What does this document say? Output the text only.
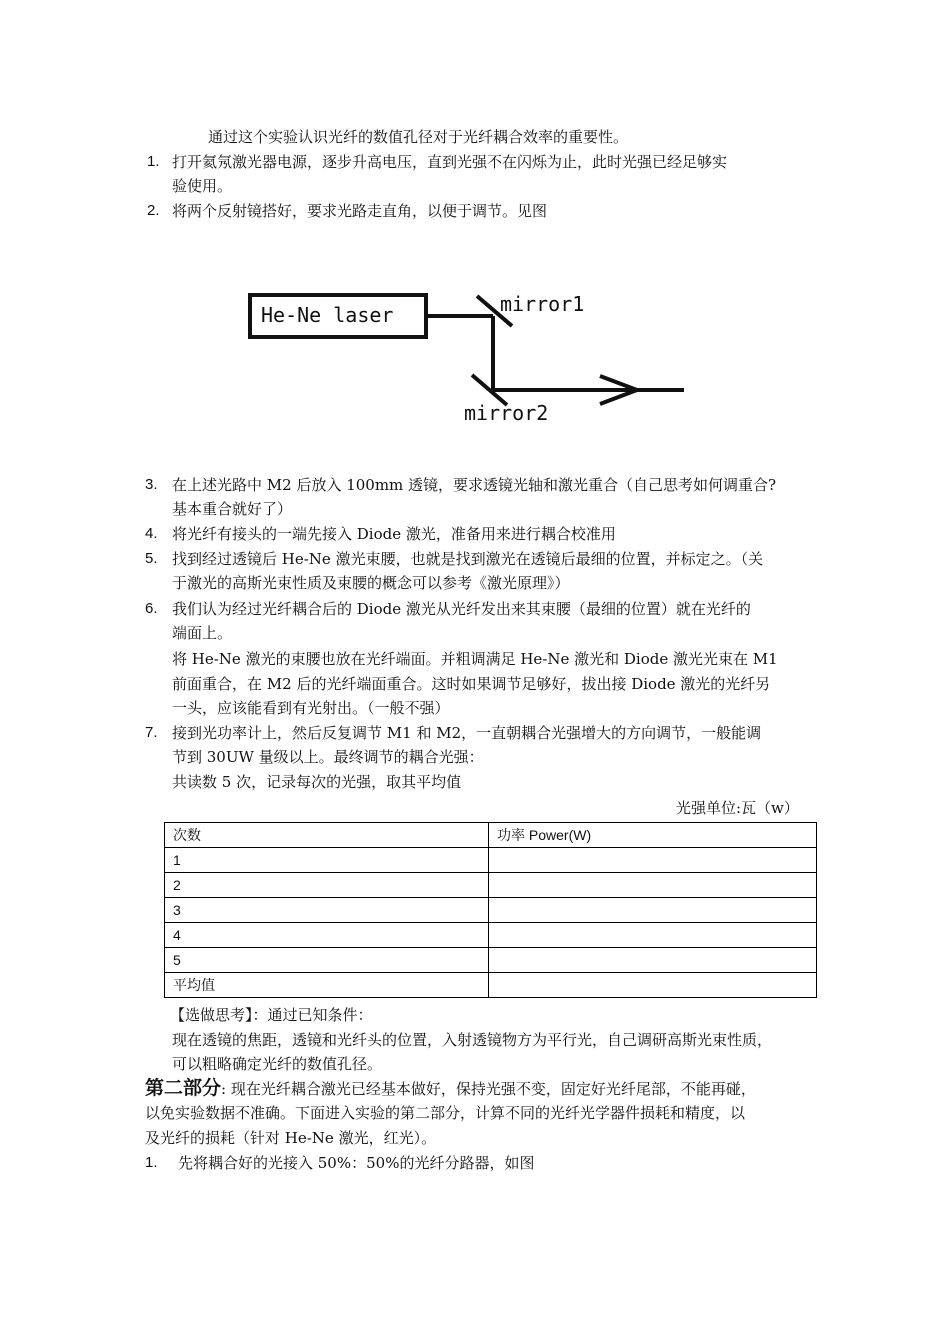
通过这个实验认识光纤的数值孔径对于光纤耦合效率的重要性。
1. 打开氦氖激光器电源，逐步升高电压，直到光强不在闪烁为止，此时光强已经足够实
验使用。
2. 将两个反射镜搭好，要求光路走直角，以便于调节。见图
He-Ne laser	mirror1
mirror2
3. 在上述光路中 M2 后放入 100mm 透镜，要求透镜光轴和激光重合（自己思考如何调重合?
基本重合就好了）
4. 将光纤有接头的一端先接入 Diode 激光，准备用来进行耦合校准用
5. 找到经过透镜后 He-Ne 激光束腰，也就是找到激光在透镜后最细的位置，并标定之。（关
于激光的高斯光束性质及束腰的概念可以参考《激光原理》）
6. 我们认为经过光纤耦合后的 Diode 激光从光纤发出来其束腰（最细的位置）就在光纤的
端面上。
将 He-Ne 激光的束腰也放在光纤端面。并粗调满足 He-Ne 激光和 Diode 激光光束在 M1
前面重合，在 M2 后的光纤端面重合。这时如果调节足够好，拔出接 Diode 激光的光纤另
一头，应该能看到有光射出。（一般不强）
7. 接到光功率计上，然后反复调节 M1 和 M2，一直朝耦合光强增大的方向调节，一般能调
节到 30UW 量级以上。最终调节的耦合光强：
共读数 5 次，记录每次的光强，取其平均值
光强单位:瓦（w）
次数	功率 Power(W)
1	
2	
3	
4	
5	
平均值	
【选做思考】：通过已知条件：
现在透镜的焦距，透镜和光纤头的位置，入射透镜物方为平行光，自己调研高斯光束性质，
可以粗略确定光纤的数值孔径。
第二部分: 现在光纤耦合激光已经基本做好，保持光强不变，固定好光纤尾部，不能再碰，
以免实验数据不准确。下面进入实验的第二部分，计算不同的光纤光学器件损耗和精度，以
及光纤的损耗（针对 He-Ne 激光，红光）。
1.	先将耦合好的光接入 50%：50%的光纤分路器，如图
